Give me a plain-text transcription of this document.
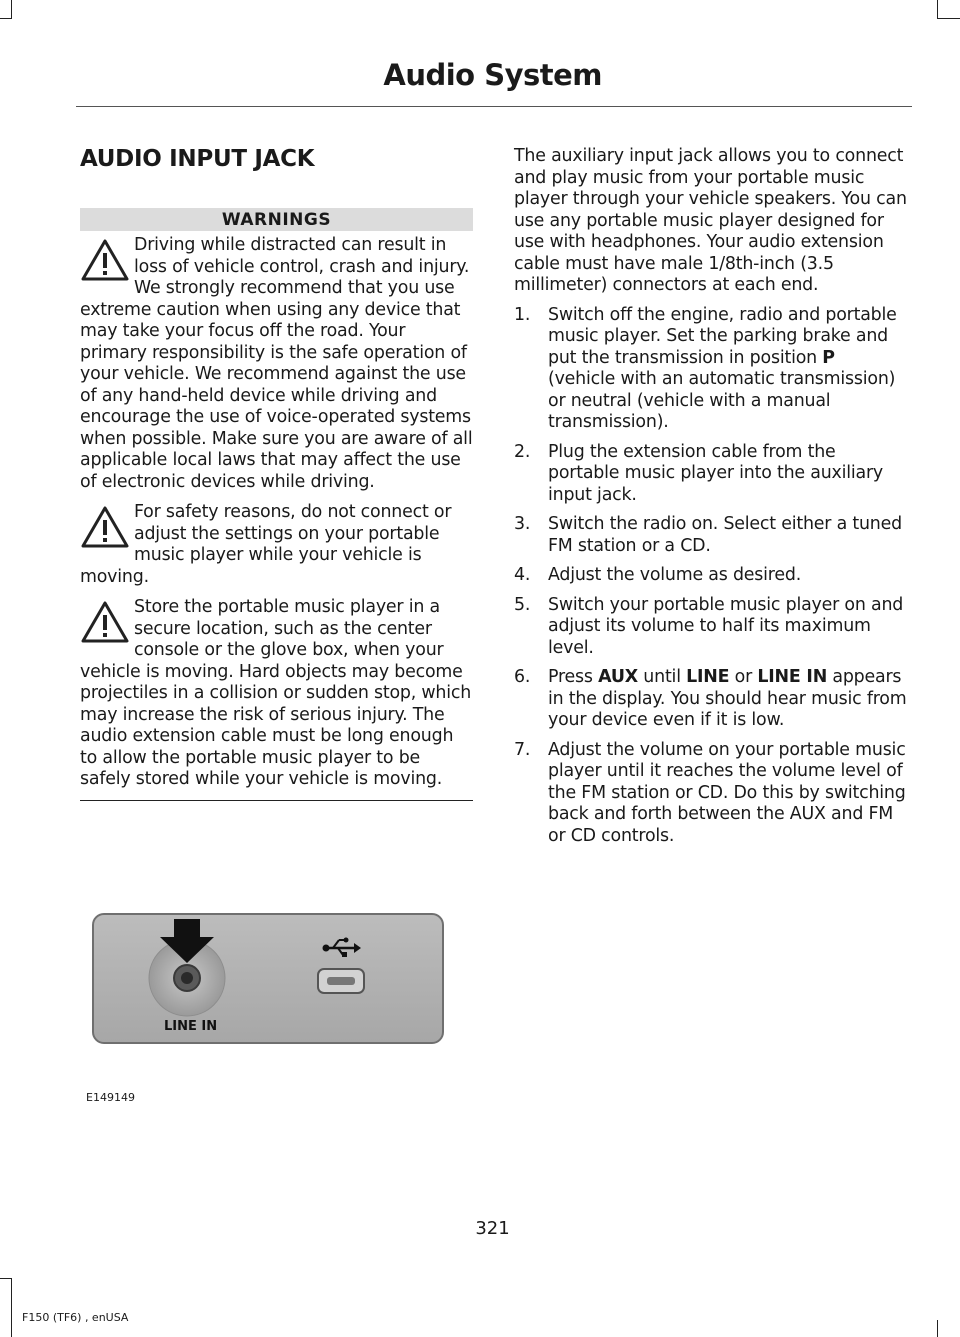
Audio System
AUDIO INPUT JACK
WARNINGS
Driving while distracted can result in loss of vehicle control, crash and injury. We strongly recommend that you use extreme caution when using any device that may take your focus off the road. Your primary responsibility is the safe operation of your vehicle. We recommend against the use of any hand-held device while driving and encourage the use of voice-operated systems when possible. Make sure you are aware of all applicable local laws that may affect the use of electronic devices while driving.
For safety reasons, do not connect or adjust the settings on your portable music player while your vehicle is moving.
Store the portable music player in a secure location, such as the center console or the glove box, when your vehicle is moving. Hard objects may become projectiles in a collision or sudden stop, which may increase the risk of serious injury. The audio extension cable must be long enough to allow the portable music player to be safely stored while your vehicle is moving.
LINE IN
E149149

The auxiliary input jack allows you to connect and play music from your portable music player through your vehicle speakers. You can use any portable music player designed for use with headphones. Your audio extension cable must have male 1/8th-inch (3.5 millimeter) connectors at each end.

1. Switch off the engine, radio and portable music player. Set the parking brake and put the transmission in position P (vehicle with an automatic transmission) or neutral (vehicle with a manual transmission).
2. Plug the extension cable from the portable music player into the auxiliary input jack.
3. Switch the radio on. Select either a tuned FM station or a CD.
4. Adjust the volume as desired.
5. Switch your portable music player on and adjust its volume to half its maximum level.
6. Press AUX until LINE or LINE IN appears in the display. You should hear music from your device even if it is low.
7. Adjust the volume on your portable music player until it reaches the volume level of the FM station or CD. Do this by switching back and forth between the AUX and FM or CD controls.
321
F150 (TF6) , enUSA
